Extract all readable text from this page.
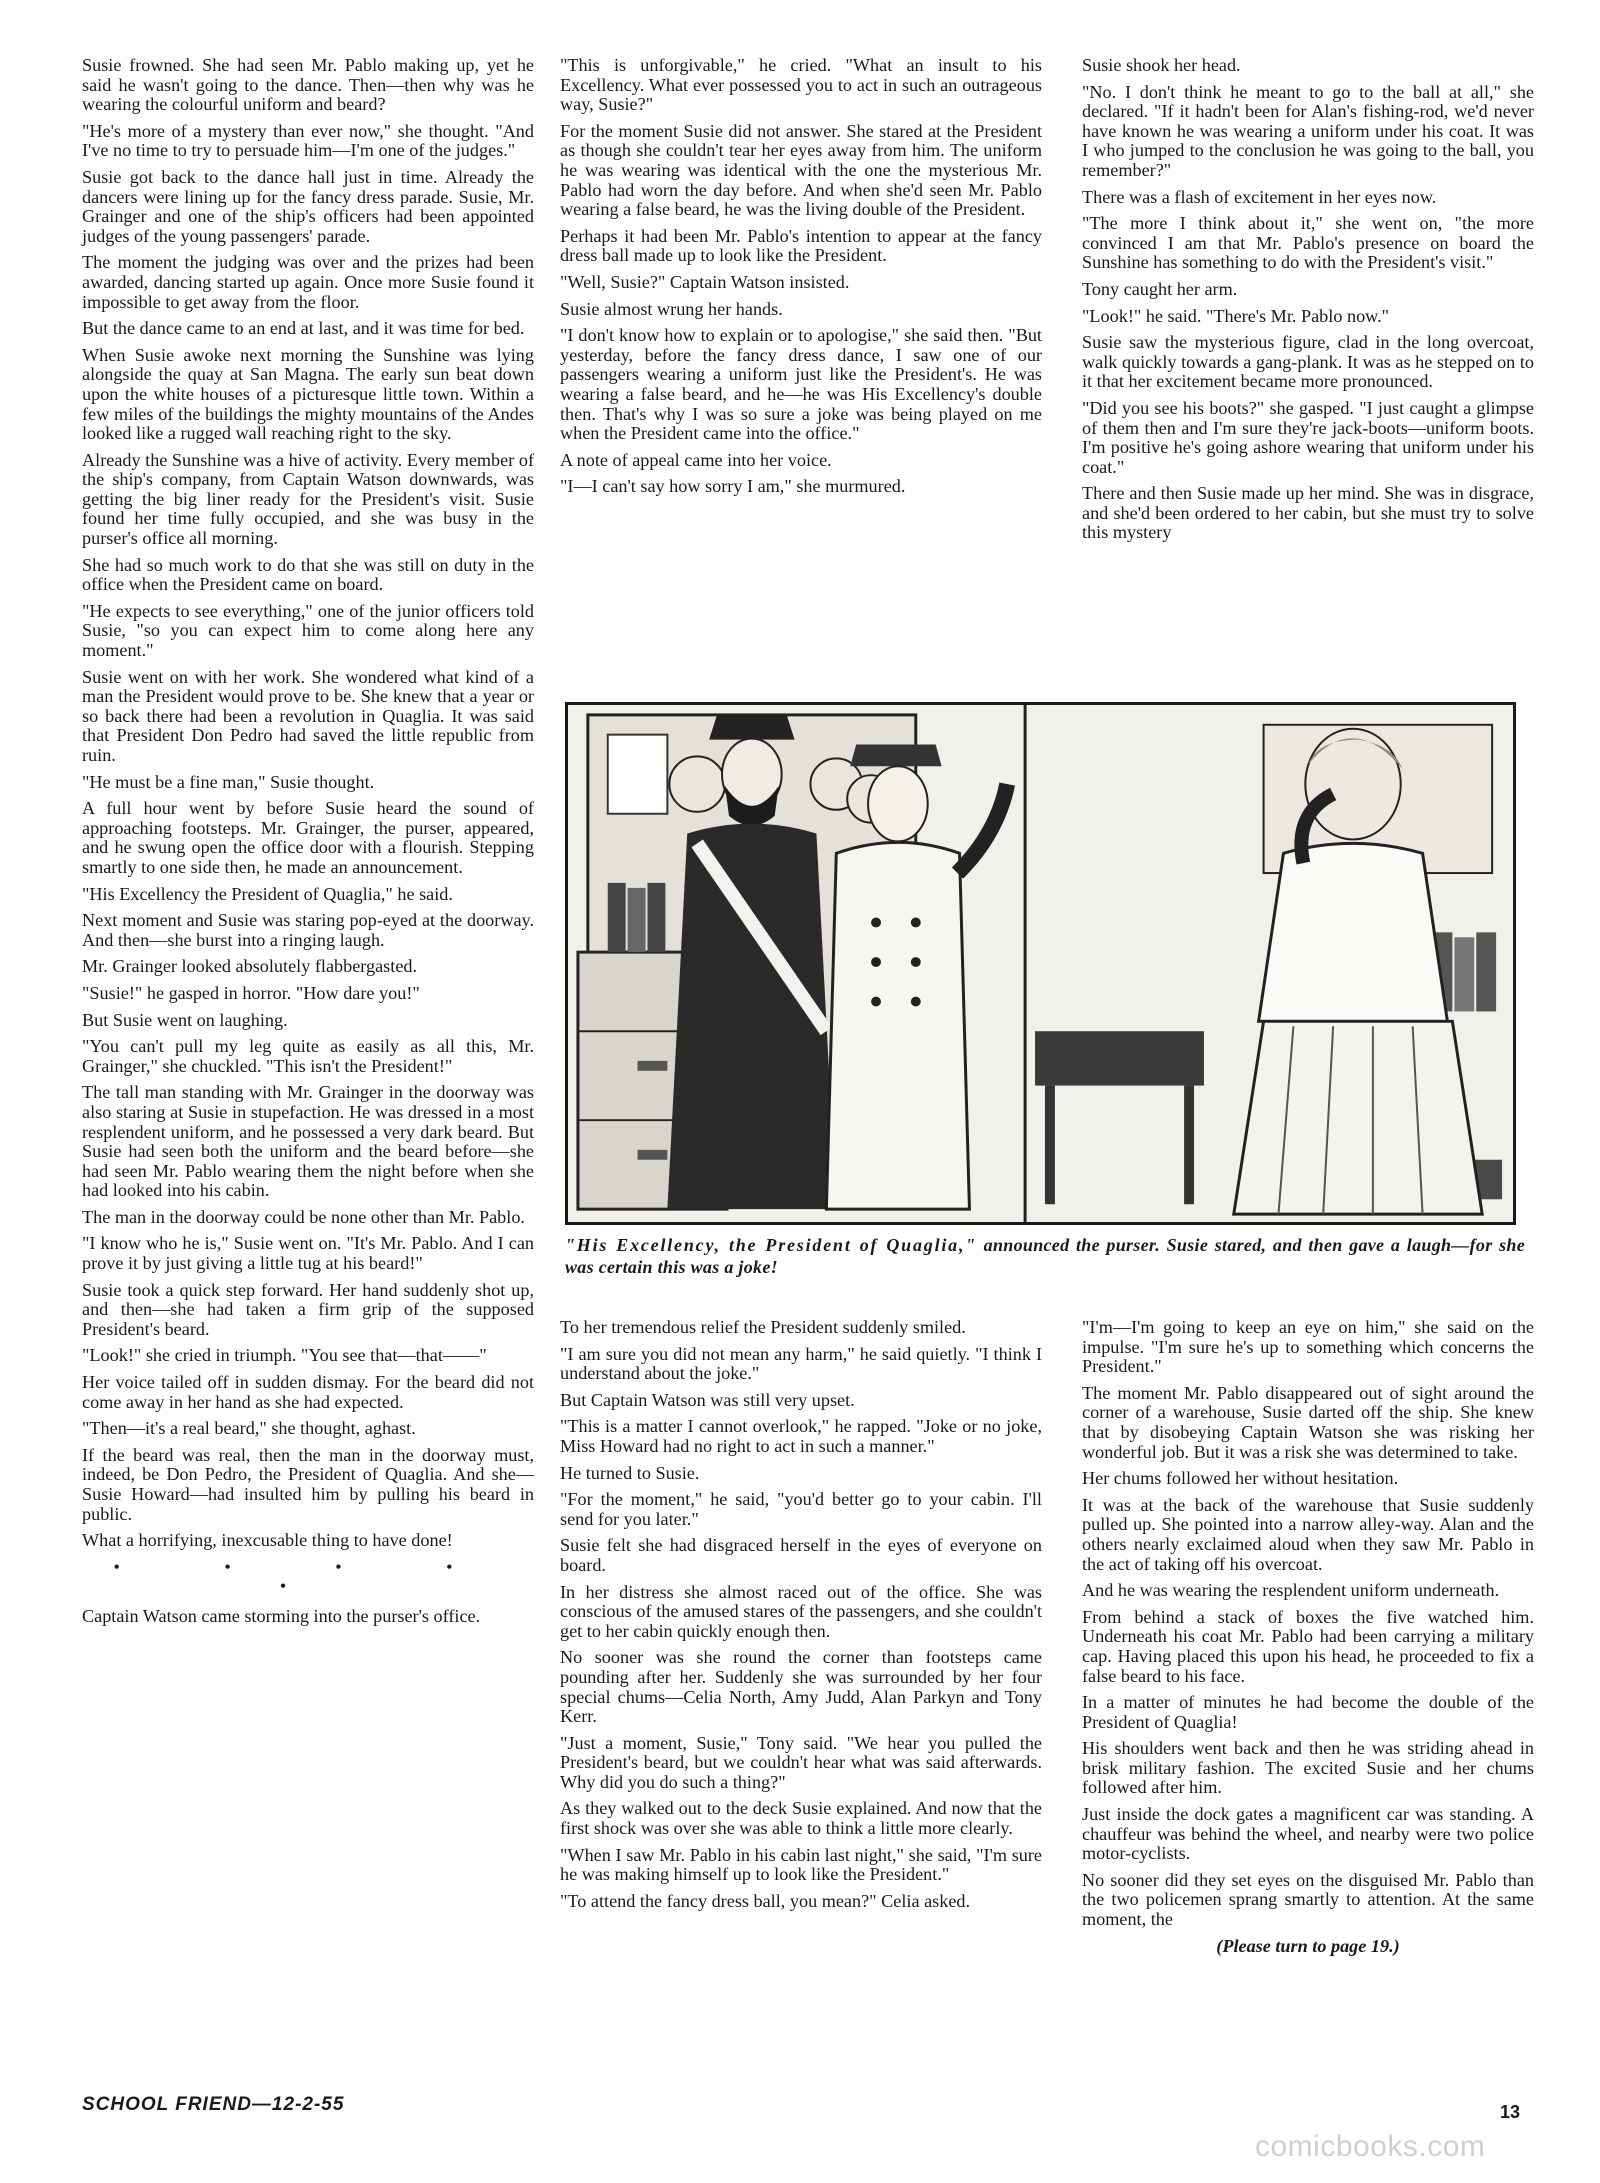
Susie frowned. She had seen Mr. Pablo making up, yet he said he wasn't going to the dance. Then—then why was he wearing the colourful uniform and beard?

"He's more of a mystery than ever now," she thought. "And I've no time to try to persuade him—I'm one of the judges."

Susie got back to the dance hall just in time. Already the dancers were lining up for the fancy dress parade. Susie, Mr. Grainger and one of the ship's officers had been appointed judges of the young passengers' parade.

The moment the judging was over and the prizes had been awarded, dancing started up again. Once more Susie found it impossible to get away from the floor.

But the dance came to an end at last, and it was time for bed.

When Susie awoke next morning the Sunshine was lying alongside the quay at San Magna. The early sun beat down upon the white houses of a picturesque little town. Within a few miles of the buildings the mighty mountains of the Andes looked like a rugged wall reaching right to the sky.

Already the Sunshine was a hive of activity. Every member of the ship's company, from Captain Watson downwards, was getting the big liner ready for the President's visit. Susie found her time fully occupied, and she was busy in the purser's office all morning.

She had so much work to do that she was still on duty in the office when the President came on board.

"He expects to see everything," one of the junior officers told Susie, "so you can expect him to come along here any moment."

Susie went on with her work. She wondered what kind of a man the President would prove to be. She knew that a year or so back there had been a revolution in Quaglia. It was said that President Don Pedro had saved the little republic from ruin.

"He must be a fine man," Susie thought.

A full hour went by before Susie heard the sound of approaching footsteps. Mr. Grainger, the purser, appeared, and he swung open the office door with a flourish. Stepping smartly to one side then, he made an announcement.

"His Excellency the President of Quaglia," he said.

Next moment and Susie was staring pop-eyed at the doorway. And then—she burst into a ringing laugh.

Mr. Grainger looked absolutely flabbergasted.

"Susie!" he gasped in horror. "How dare you!"

But Susie went on laughing.

"You can't pull my leg quite as easily as all this, Mr. Grainger," she chuckled. "This isn't the President!"

The tall man standing with Mr. Grainger in the doorway was also staring at Susie in stupefaction. He was dressed in a most resplendent uniform, and he possessed a very dark beard. But Susie had seen both the uniform and the beard before—she had seen Mr. Pablo wearing them the night before when she had looked into his cabin.

The man in the doorway could be none other than Mr. Pablo.

"I know who he is," Susie went on. "It's Mr. Pablo. And I can prove it by just giving a little tug at his beard!"

Susie took a quick step forward. Her hand suddenly shot up, and then—she had taken a firm grip of the supposed President's beard.

"Look!" she cried in triumph. "You see that—that——"

Her voice tailed off in sudden dismay. For the beard did not come away in her hand as she had expected.

"Then—it's a real beard," she thought, aghast.

If the beard was real, then the man in the doorway must, indeed, be Don Pedro, the President of Quaglia. And she—Susie Howard—had insulted him by pulling his beard in public.

What a horrifying, inexcusable thing to have done!

• • • • •

Captain Watson came storming into the purser's office.

"This is unforgivable," he cried. "What an insult to his Excellency. What ever possessed you to act in such an outrageous way, Susie?"

For the moment Susie did not answer. She stared at the President as though she couldn't tear her eyes away from him. The uniform he was wearing was identical with the one the mysterious Mr. Pablo had worn the day before. And when she'd seen Mr. Pablo wearing a false beard, he was the living double of the President.

Perhaps it had been Mr. Pablo's intention to appear at the fancy dress ball made up to look like the President.

"Well, Susie?" Captain Watson insisted.

Susie almost wrung her hands.

"I don't know how to explain or to apologise," she said then. "But yesterday, before the fancy dress dance, I saw one of our passengers wearing a uniform just like the President's. He was wearing a false beard, and he—he was His Excellency's double then. That's why I was so sure a joke was being played on me when the President came into the office."

A note of appeal came into her voice.

"I—I can't say how sorry I am," she murmured.

Susie shook her head.

"No. I don't think he meant to go to the ball at all," she declared. "If it hadn't been for Alan's fishing-rod, we'd never have known he was wearing a uniform under his coat. It was I who jumped to the conclusion he was going to the ball, you remember?"

There was a flash of excitement in her eyes now.

"The more I think about it," she went on, "the more convinced I am that Mr. Pablo's presence on board the Sunshine has something to do with the President's visit."

Tony caught her arm.

"Look!" he said. "There's Mr. Pablo now."

Susie saw the mysterious figure, clad in the long overcoat, walk quickly towards a gang-plank. It was as he stepped on to it that her excitement became more pronounced.

"Did you see his boots?" she gasped. "I just caught a glimpse of them then and I'm sure they're jack-boots—uniform boots. I'm positive he's going ashore wearing that uniform under his coat."

There and then Susie made up her mind. She was in disgrace, and she'd been ordered to her cabin, but she must try to solve this mystery

"His Excellency, the President of Quaglia," announced the purser. Susie stared, and then gave a laugh—for she was certain this was a joke!

To her tremendous relief the President suddenly smiled.

"I am sure you did not mean any harm," he said quietly. "I think I understand about the joke."

But Captain Watson was still very upset.

"This is a matter I cannot overlook," he rapped. "Joke or no joke, Miss Howard had no right to act in such a manner."

He turned to Susie.

"For the moment," he said, "you'd better go to your cabin. I'll send for you later."

Susie felt she had disgraced herself in the eyes of everyone on board.

In her distress she almost raced out of the office. She was conscious of the amused stares of the passengers, and she couldn't get to her cabin quickly enough then.

No sooner was she round the corner than footsteps came pounding after her. Suddenly she was surrounded by her four special chums—Celia North, Amy Judd, Alan Parkyn and Tony Kerr.

"Just a moment, Susie," Tony said. "We hear you pulled the President's beard, but we couldn't hear what was said afterwards. Why did you do such a thing?"

As they walked out to the deck Susie explained. And now that the first shock was over she was able to think a little more clearly.

"When I saw Mr. Pablo in his cabin last night," she said, "I'm sure he was making himself up to look like the President."

"To attend the fancy dress ball, you mean?" Celia asked.

"I'm—I'm going to keep an eye on him," she said on the impulse. "I'm sure he's up to something which concerns the President."

The moment Mr. Pablo disappeared out of sight around the corner of a warehouse, Susie darted off the ship. She knew that by disobeying Captain Watson she was risking her wonderful job. But it was a risk she was determined to take.

Her chums followed her without hesitation.

It was at the back of the warehouse that Susie suddenly pulled up. She pointed into a narrow alley-way. Alan and the others nearly exclaimed aloud when they saw Mr. Pablo in the act of taking off his overcoat.

And he was wearing the resplendent uniform underneath.

From behind a stack of boxes the five watched him. Underneath his coat Mr. Pablo had been carrying a military cap. Having placed this upon his head, he proceeded to fix a false beard to his face.

In a matter of minutes he had become the double of the President of Quaglia!

His shoulders went back and then he was striding ahead in brisk military fashion. The excited Susie and her chums followed after him.

Just inside the dock gates a magnificent car was standing. A chauffeur was behind the wheel, and nearby were two police motor-cyclists.

No sooner did they set eyes on the disguised Mr. Pablo than the two policemen sprang smartly to attention. At the same moment, the

(Please turn to page 19.)

SCHOOL FRIEND—12-2-55	13
comicbooks.com
